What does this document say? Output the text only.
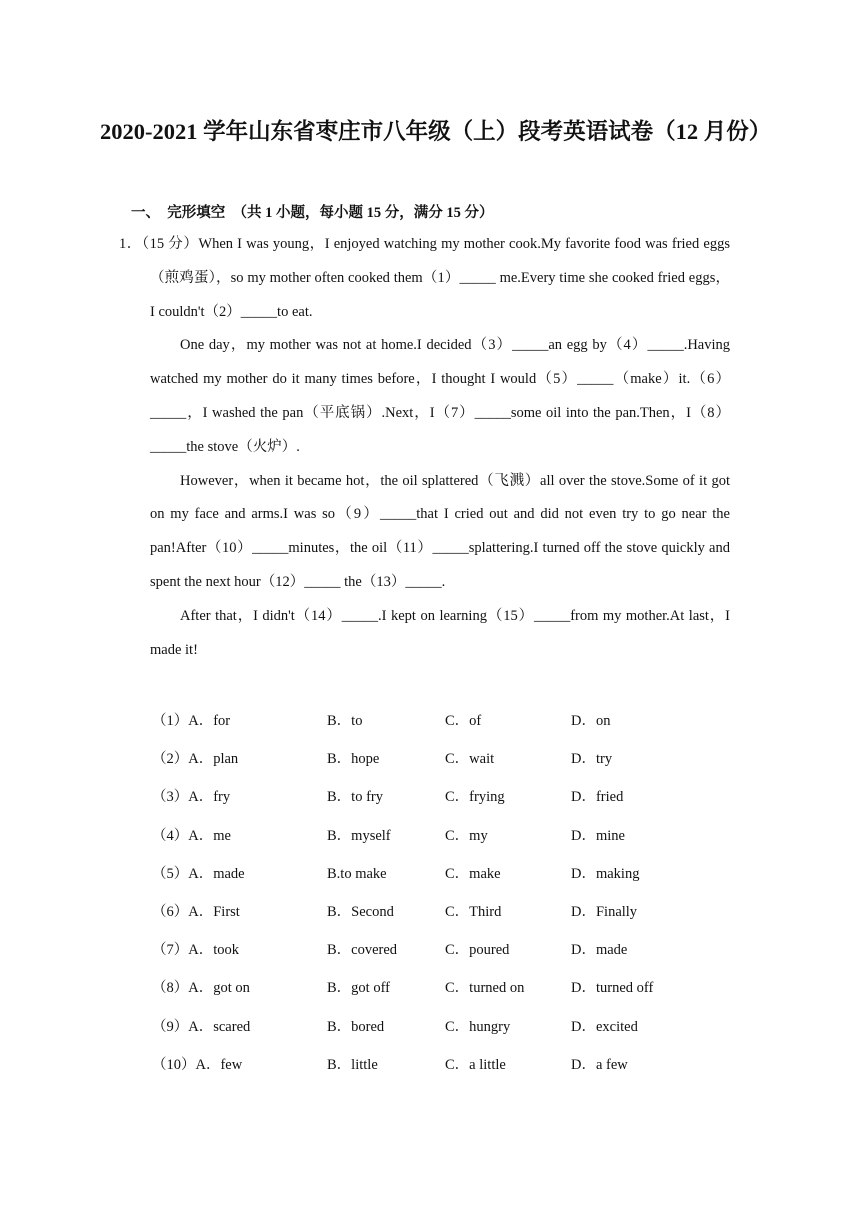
2020-2021 学年山东省枣庄市八年级（上）段考英语试卷（12 月份）
一、  完形填空  （共 1 小题，每小题 15 分，满分 15 分）

1．（15 分）When I was young，I enjoyed watching my mother cook.My favorite food was fried eggs（煎鸡蛋），so my mother often cooked them（1）_____ me.Every time she cooked fried eggs，I couldn't（2）_____to eat.

One day，my mother was not at home.I decided（3）_____an egg by（4）_____.Having watched my mother do it many times before，I thought I would（5）_____（make）it.（6）_____，I washed the pan（平底锅）.Next，I（7）_____some oil into the pan.Then，I（8）_____the stove（火炉）.

However，when it became hot，the oil splattered（飞溅）all over the stove.Some of it got on my face and arms.I was so（9）_____that I cried out and did not even try to go near the pan!After（10）_____minutes，the oil（11）_____splattering.I turned off the stove quickly and spent the next hour（12）_____ the（13）_____.

After that，I didn't（14）_____.I kept on learning（15）_____from my mother.At last，I made it!

（1）A．for	B．to	C．of	D．on
（2）A．plan	B．hope	C．wait	D．try
（3）A．fry	B．to fry	C．frying	D．fried
（4）A．me	B．myself	C．my	D．mine
（5）A．made	B.to make	C．make	D．making
（6）A．First	B．Second	C．Third	D．Finally
（7）A．took	B．covered	C．poured	D．made
（8）A．got on	B．got off	C．turned on	D．turned off
（9）A．scared	B．bored	C．hungry	D．excited
（10）A．few	B．little	C．a little	D．a few
